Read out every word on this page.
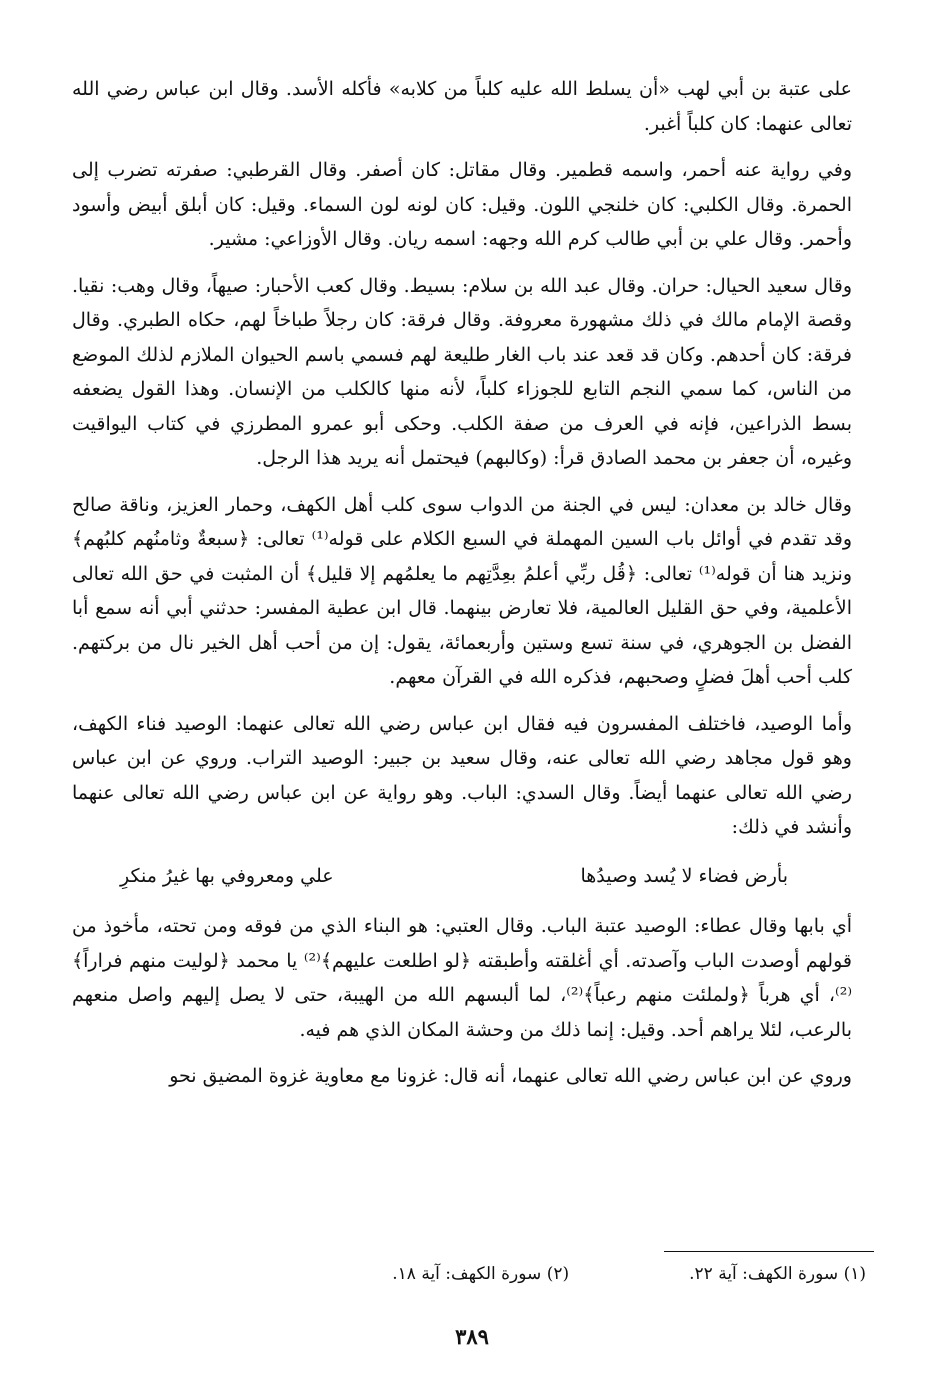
على عتبة بن أبي لهب «أن يسلط الله عليه كلباً من كلابه» فأكله الأسد. وقال ابن عباس رضي الله تعالى عنهما: كان كلباً أغبر.

وفي رواية عنه أحمر، واسمه قطمير. وقال مقاتل: كان أصفر. وقال القرطبي: صفرته تضرب إلى الحمرة. وقال الكلبي: كان خلنجي اللون. وقيل: كان لونه لون السماء. وقيل: كان أبلق أبيض وأسود وأحمر. وقال علي بن أبي طالب كرم الله وجهه: اسمه ريان. وقال الأوزاعي: مشير.

وقال سعيد الحيال: حران. وقال عبد الله بن سلام: بسيط. وقال كعب الأحبار: صيهاً، وقال وهب: نقيا. وقصة الإمام مالك في ذلك مشهورة معروفة. وقال فرقة: كان رجلاً طباخاً لهم، حكاه الطبري. وقال فرقة: كان أحدهم. وكان قد قعد عند باب الغار طليعة لهم فسمي باسم الحيوان الملازم لذلك الموضع من الناس، كما سمي النجم التابع للجوزاء كلباً، لأنه منها كالكلب من الإنسان. وهذا القول يضعفه بسط الذراعين، فإنه في العرف من صفة الكلب. وحكى أبو عمرو المطرزي في كتاب اليواقيت وغيره، أن جعفر بن محمد الصادق قرأ: (وكالبهم) فيحتمل أنه يريد هذا الرجل.

وقال خالد بن معدان: ليس في الجنة من الدواب سوى كلب أهل الكهف، وحمار العزيز، وناقة صالح وقد تقدم في أوائل باب السين المهملة في السبع الكلام على قوله⁽¹⁾ تعالى: ﴿سبعةٌ وثامنُهم كلبُهم﴾ ونزيد هنا أن قوله⁽¹⁾ تعالى: ﴿قُل ربِّي أعلمُ بعِدَّتِهم ما يعلمُهم إلا قليل﴾ أن المثبت في حق الله تعالى الأعلمية، وفي حق القليل العالمية، فلا تعارض بينهما. قال ابن عطية المفسر: حدثني أبي أنه سمع أبا الفضل بن الجوهري، في سنة تسع وستين وأربعمائة، يقول: إن من أحب أهل الخير نال من بركتهم. كلب أحب أهلَ فضلٍ وصحبهم، فذكره الله في القرآن معهم.

وأما الوصيد، فاختلف المفسرون فيه فقال ابن عباس رضي الله تعالى عنهما: الوصيد فناء الكهف، وهو قول مجاهد رضي الله تعالى عنه، وقال سعيد بن جبير: الوصيد التراب. وروي عن ابن عباس رضي الله تعالى عنهما أيضاً. وقال السدي: الباب. وهو رواية عن ابن عباس رضي الله تعالى عنهما وأنشد في ذلك:

بأرض فضاء لا يُسد وصيدُها
علي ومعروفي بها غيرُ منكرِ

أي بابها وقال عطاء: الوصيد عتبة الباب. وقال العتبي: هو البناء الذي من فوقه ومن تحته، مأخوذ من قولهم أوصدت الباب وآصدته. أي أغلقته وأطبقته ﴿لو اطلعت عليهم﴾⁽²⁾ يا محمد ﴿لوليت منهم فراراً﴾⁽²⁾، أي هرباً ﴿ولملئت منهم رعباً﴾⁽²⁾، لما ألبسهم الله من الهيبة، حتى لا يصل إليهم واصل منعهم بالرعب، لئلا يراهم أحد. وقيل: إنما ذلك من وحشة المكان الذي هم فيه.

وروي عن ابن عباس رضي الله تعالى عنهما، أنه قال: غزونا مع معاوية غزوة المضيق نحو

(١) سورة الكهف: آية ٢٢.
(٢) سورة الكهف: آية ١٨.
٣٨٩
